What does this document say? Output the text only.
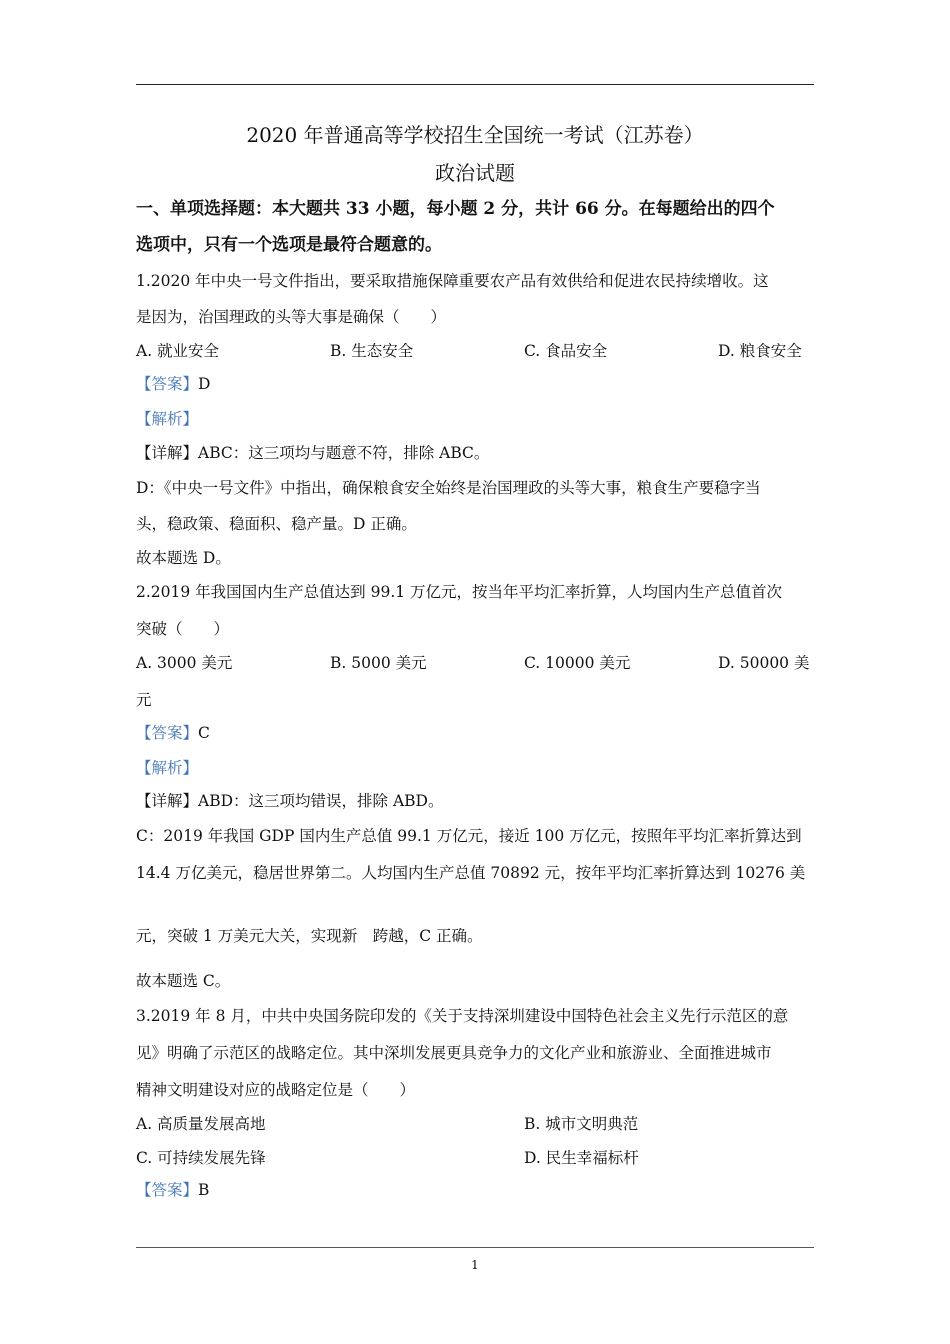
2020 年普通高等学校招生全国统一考试（江苏卷）
政治试题
一、单项选择题：本大题共 33 小题，每小题 2 分，共计 66 分。在每题给出的四个
选项中，只有一个选项是最符合题意的。
1.2020 年中央一号文件指出，要采取措施保障重要农产品有效供给和促进农民持续增收。这
是因为，治国理政的头等大事是确保（　　）
A. 就业安全	B. 生态安全	C. 食品安全	D. 粮食安全
【答案】D
【解析】
【详解】ABC：这三项均与题意不符，排除 ABC。
D：《中央一号文件》中指出，确保粮食安全始终是治国理政的头等大事，粮食生产要稳字当
头，稳政策、稳面积、稳产量。D 正确。
故本题选 D。
2.2019 年我国国内生产总值达到 99.1 万亿元，按当年平均汇率折算，人均国内生产总值首次
突破（　　）
A. 3000 美元	B. 5000 美元	C. 10000 美元	D. 50000 美
元
【答案】C
【解析】
【详解】ABD：这三项均错误，排除 ABD。
C：2019 年我国 GDP 国内生产总值 99.1 万亿元，接近 100 万亿元，按照年平均汇率折算达到
14.4 万亿美元，稳居世界第二。人均国内生产总值 70892 元，按年平均汇率折算达到 10276 美
元，突破 1 万美元大关，实现新　跨越，C 正确。
故本题选 C。
3.2019 年 8 月，中共中央国务院印发的《关于支持深圳建设中国特色社会主义先行示范区的意
见》明确了示范区的战略定位。其中深圳发展更具竞争力的文化产业和旅游业、全面推进城市
精神文明建设对应的战略定位是（　　）
A. 高质量发展高地	B. 城市文明典范
C. 可持续发展先锋	D. 民生幸福标杆
【答案】B
1
